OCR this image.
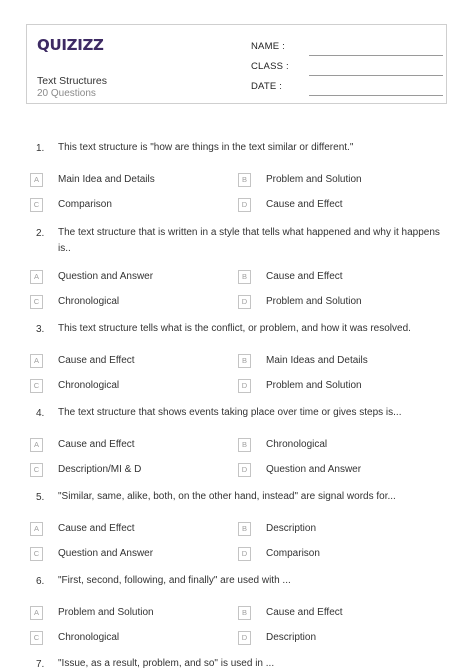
QUIZIZZ
Text Structures
20 Questions
NAME :
CLASS :
DATE :
1. This text structure is "how are things in the text similar or different."
A	Main Idea and Details	B	Problem and Solution
C	Comparison	D	Cause and Effect
2. The text structure that is written in a style that tells what happened and why it happens is..
A	Question and Answer	B	Cause and Effect
C	Chronological	D	Problem and Solution
3. This text structure tells what is the conflict, or problem, and how it was resolved.
A	Cause and Effect	B	Main Ideas and Details
C	Chronological	D	Problem and Solution
4. The text structure that shows events taking place over time or gives steps is...
A	Cause and Effect	B	Chronological
C	Description/MI & D	D	Question and Answer
5. "Similar, same, alike, both, on the other hand, instead" are signal words for...
A	Cause and Effect	B	Description
C	Question and Answer	D	Comparison
6. "First, second, following, and finally" are used with ...
A	Problem and Solution	B	Cause and Effect
C	Chronological	D	Description
7. "Issue, as a result, problem, and so" is used in ...
